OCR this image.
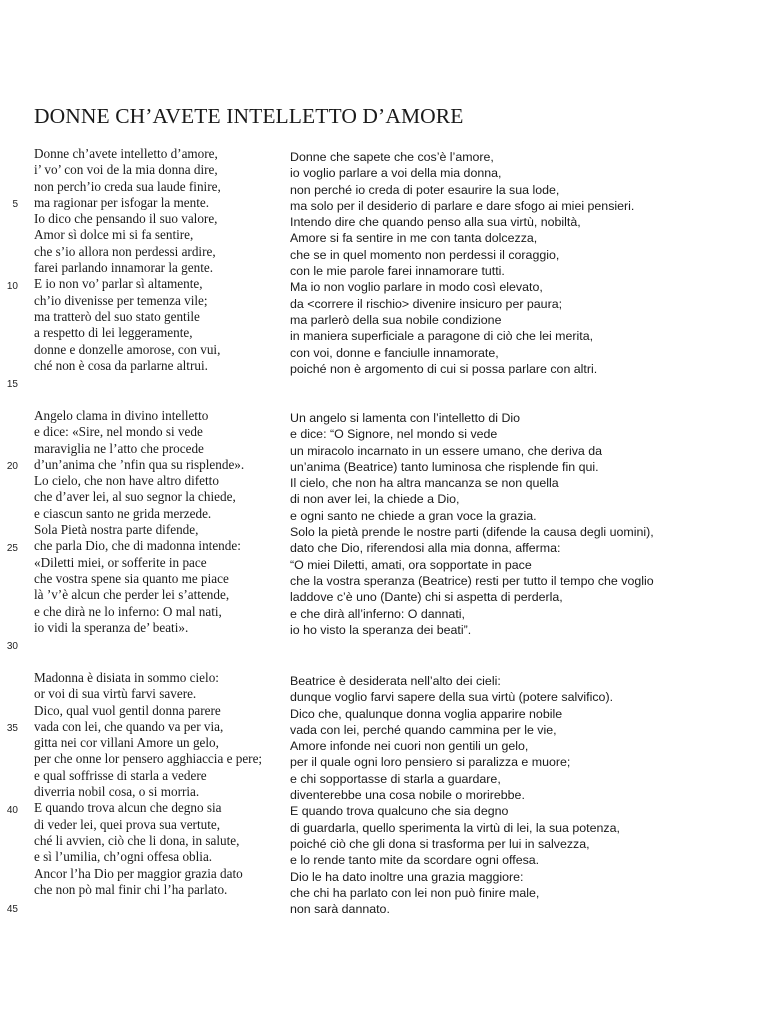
DONNE CH’AVETE INTELLETTO D’AMORE
5
10
15
20
25
30
35
40
45
Donne ch’avete intelletto d’amore,
i’ vo’ con voi de la mia donna dire,
non perch’io creda sua laude finire,
ma ragionar per isfogar la mente.
Io dico che pensando il suo valore,
Amor sì dolce mi si fa sentire,
che s’io allora non perdessi ardire,
farei parlando innamorar la gente.
E io non vo’ parlar sì altamente,
ch’io divenisse per temenza vile;
ma tratterò del suo stato gentile
a respetto di lei leggeramente,
donne e donzelle amorose, con vui,
ché non è cosa da parlarne altrui.
Donne che sapete che cos’è l’amore,
io voglio parlare a voi della mia donna,
non perché io creda di poter esaurire la sua lode,
ma solo per il desiderio di parlare e dare sfogo ai miei pensieri.
Intendo dire che quando penso alla sua virtù, nobiltà,
Amore si fa sentire in me con tanta dolcezza,
che se in quel momento non perdessi il coraggio,
con le mie parole farei innamorare tutti.
Ma io non voglio parlare in modo così elevato,
da <correre il rischio> divenire insicuro per paura;
ma parlerò della sua nobile condizione
in maniera superficiale a paragone di ciò che lei merita,
con voi, donne e fanciulle innamorate,
poiché non è argomento di cui si possa parlare con altri.
Angelo clama in divino intelletto
e dice: «Sire, nel mondo si vede
maraviglia ne l’atto che procede
d’un’anima che ’nfin qua su risplende».
Lo cielo, che non have altro difetto
che d’aver lei, al suo segnor la chiede,
e ciascun santo ne grida merzede.
Sola Pietà nostra parte difende,
che parla Dio, che di madonna intende:
«Diletti miei, or sofferite in pace
che vostra spene sia quanto me piace
là ’v’è alcun che perder lei s’attende,
e che dirà ne lo inferno: O mal nati,
io vidi la speranza de’ beati».
Un angelo si lamenta con l’intelletto di Dio
e dice: “O Signore, nel mondo si vede
un miracolo incarnato in un essere umano, che deriva da
un’anima (Beatrice) tanto luminosa che risplende fin qui.
Il cielo, che non ha altra mancanza se non quella
di non aver lei, la chiede a Dio,
e ogni santo ne chiede a gran voce la grazia.
Solo la pietà prende le nostre parti (difende la causa degli uomini),
dato che Dio, riferendosi alla mia donna, afferma:
“O miei Diletti, amati, ora sopportate in pace
che la vostra speranza (Beatrice) resti per tutto il tempo che voglio
laddove c’è uno (Dante) chi si aspetta di perderla,
e che dirà all’inferno: O dannati,
io ho visto la speranza dei beati”.
Madonna è disiata in sommo cielo:
or voi di sua virtù farvi savere.
Dico, qual vuol gentil donna parere
vada con lei, che quando va per via,
gitta nei cor villani Amore un gelo,
per che onne lor pensero agghiaccia e pere;
e qual soffrisse di starla a vedere
diverria nobil cosa, o si morria.
E quando trova alcun che degno sia
di veder lei, quei prova sua vertute,
ché li avvien, ciò che li dona, in salute,
e sì l’umilia, ch’ogni offesa oblia.
Ancor l’ha Dio per maggior grazia dato
che non pò mal finir chi l’ha parlato.
Beatrice è desiderata nell’alto dei cieli:
dunque voglio farvi sapere della sua virtù (potere salvifico).
Dico che, qualunque donna voglia apparire nobile
vada con lei, perché quando cammina per le vie,
Amore infonde nei cuori non gentili un gelo,
per il quale ogni loro pensiero si paralizza e muore;
e chi sopportasse di starla a guardare,
diventerebbe una cosa nobile o morirebbe.
E quando trova qualcuno che sia degno
di guardarla, quello sperimenta la virtù di lei, la sua potenza,
poiché ciò che gli dona si trasforma per lui in salvezza,
e lo rende tanto mite da scordare ogni offesa.
Dio le ha dato inoltre una grazia maggiore:
che chi ha parlato con lei non può finire male,
non sarà dannato.
